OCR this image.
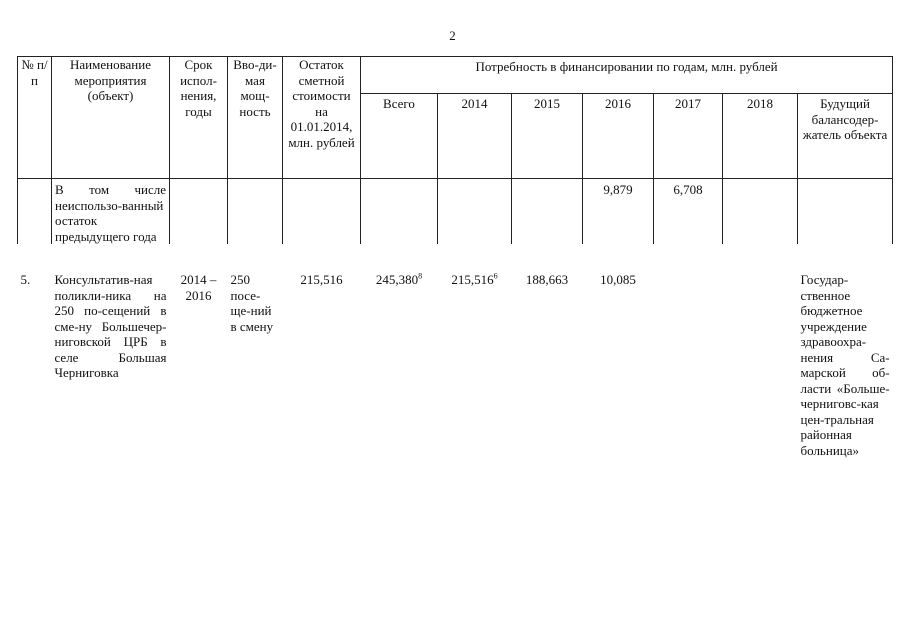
2
№ п/п	Наименование мероприятия (объект)	Срок испол-нения, годы	Вво-ди-мая мощ-ность	Остаток сметной стоимости на 01.01.2014, млн. рублей	Потребность в финансировании по годам, млн. рублей						
					Всего	2014	2015	2016	2017	2018	Будущий балансодер-жатель объекта
	В том числе неиспользо-ванный остаток предыдущего года							9,879	6,708		
5.	Консультатив-ная поликли-ника на 250 по-сещений в сме-ну Большечер-ниговской ЦРБ в селе Большая Черниговка	2014 – 2016	250 посе-ще-ний в смену	215,516	245,380$^8$	215,516$^6$	188,663	10,085			Государ-ственное бюджетное учреждение здравоохра-нения Са-марской об-ласти «Больше-черниговс-кая цен-тральная районная больница»
